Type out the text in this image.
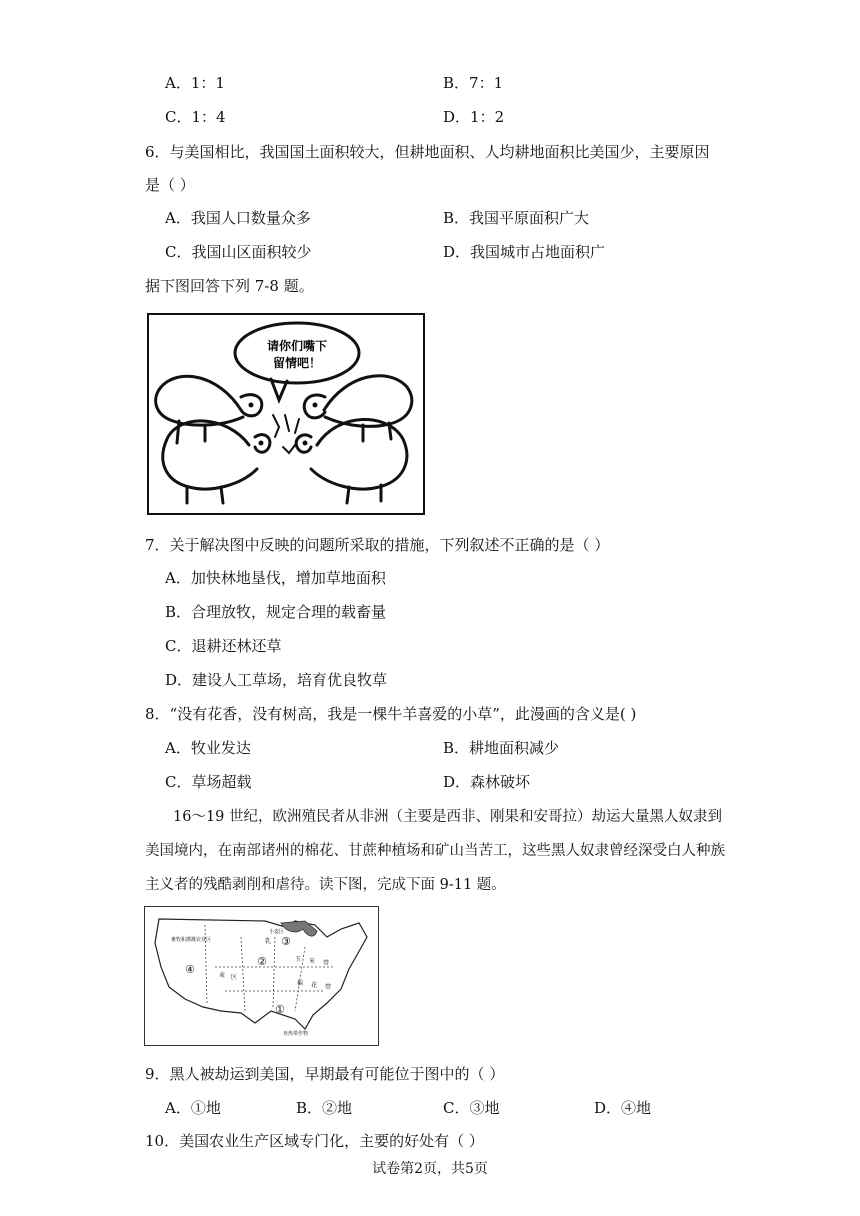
A．1：1	B．7：1
C．1：4	D．1：2
6．与美国相比，我国国土面积较大，但耕地面积、人均耕地面积比美国少，主要原因
是（ ）
A．我国人口数量众多	B．我国平原面积广大
C．我国山区面积较少	D．我国城市占地面积广
据下图回答下列 7-8 题。
请你们嘴下
留情吧！
7．关于解决图中反映的问题所采取的措施，下列叙述不正确的是（ ）
A．加快林地垦伐，增加草地面积
B．合理放牧，规定合理的载畜量
C．退耕还林还草
D．建设人工草场，培育优良牧草
8．“没有花香，没有树高，我是一棵牛羊喜爱的小草”，此漫画的含义是( )
A．牧业发达	B．耕地面积减少
C．草场超载	D．森林破坏
16～19 世纪，欧洲殖民者从非洲（主要是西非、刚果和安哥拉）劫运大量黑人奴隶到美国境内，在南部诸州的棉花、甘蔗种植场和矿山当苦工，这些黑人奴隶曾经深受白人种族主义者的残酷剥削和虐待。读下图，完成下面 9-11 题。
④
②
③
①
畜牧和灌溉农业区
小麦区
乳
玉 米 带
棉 花 带
亚热带作物
麦 区
9．黑人被劫运到美国，早期最有可能位于图中的（ ）
A．①地	B．②地	C．③地	D．④地
10．美国农业生产区域专门化，主要的好处有（ ）
试卷第2页，共5页
